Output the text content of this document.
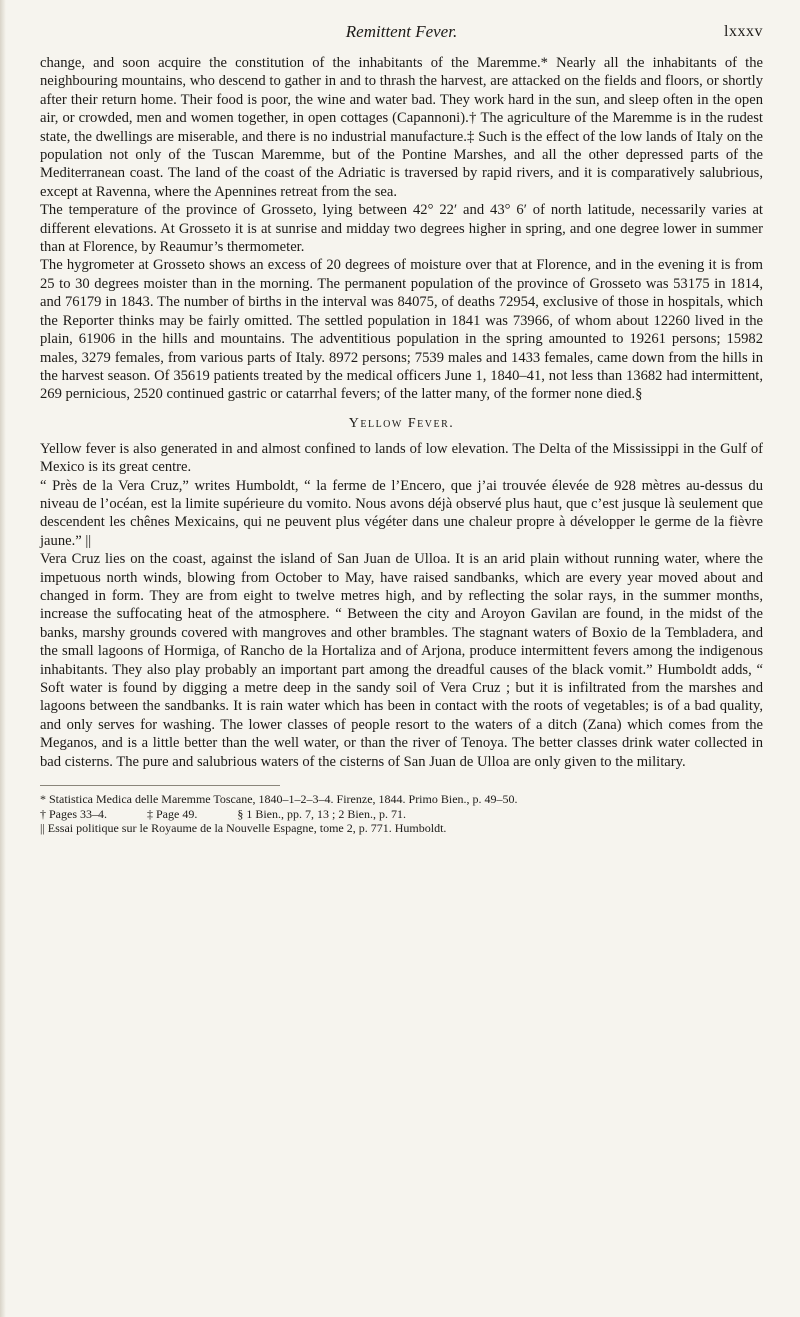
Remittent Fever.	lxxxv

change, and soon acquire the constitution of the inhabitants of the Maremme.* Nearly all the inhabitants of the neighbouring mountains, who descend to gather in and to thrash the harvest, are attacked on the fields and floors, or shortly after their return home. Their food is poor, the wine and water bad. They work hard in the sun, and sleep often in the open air, or crowded, men and women together, in open cottages (Capannoni).† The agriculture of the Maremme is in the rudest state, the dwellings are miserable, and there is no industrial manufacture.‡ Such is the effect of the low lands of Italy on the population not only of the Tuscan Maremme, but of the Pontine Marshes, and all the other depressed parts of the Mediterranean coast. The land of the coast of the Adriatic is traversed by rapid rivers, and it is comparatively salubrious, except at Ravenna, where the Apennines retreat from the sea.

The temperature of the province of Grosseto, lying between 42° 22′ and 43° 6′ of north latitude, necessarily varies at different elevations. At Grosseto it is at sunrise and midday two degrees higher in spring, and one degree lower in summer than at Florence, by Reaumur’s thermometer.

The hygrometer at Grosseto shows an excess of 20 degrees of moisture over that at Florence, and in the evening it is from 25 to 30 degrees moister than in the morning. The permanent population of the province of Grosseto was 53175 in 1814, and 76179 in 1843. The number of births in the interval was 84075, of deaths 72954, exclusive of those in hospitals, which the Reporter thinks may be fairly omitted. The settled population in 1841 was 73966, of whom about 12260 lived in the plain, 61906 in the hills and mountains. The adventitious population in the spring amounted to 19261 persons; 15982 males, 3279 females, from various parts of Italy. 8972 persons; 7539 males and 1433 females, came down from the hills in the harvest season. Of 35619 patients treated by the medical officers June 1, 1840–41, not less than 13682 had intermittent, 269 pernicious, 2520 continued gastric or catarrhal fevers; of the latter many, of the former none died.§

Yellow Fever.

Yellow fever is also generated in and almost confined to lands of low elevation. The Delta of the Mississippi in the Gulf of Mexico is its great centre.

“ Près de la Vera Cruz,” writes Humboldt, “ la ferme de l’Encero, que j’ai trouvée élevée de 928 mètres au-dessus du niveau de l’océan, est la limite supérieure du vomito. Nous avons déjà observé plus haut, que c’est jusque là seulement que descendent les chênes Mexicains, qui ne peuvent plus végéter dans une chaleur propre à développer le germe de la fièvre jaune.” ||

Vera Cruz lies on the coast, against the island of San Juan de Ulloa. It is an arid plain without running water, where the impetuous north winds, blowing from October to May, have raised sandbanks, which are every year moved about and changed in form. They are from eight to twelve metres high, and by reflecting the solar rays, in the summer months, increase the suffocating heat of the atmosphere. “ Between the city and Aroyon Gavilan are found, in the midst of the banks, marshy grounds covered with mangroves and other brambles. The stagnant waters of Boxio de la Tembladera, and the small lagoons of Hormiga, of Rancho de la Hortaliza and of Arjona, produce intermittent fevers among the indigenous inhabitants. They also play probably an important part among the dreadful causes of the black vomit.” Humboldt adds, “ Soft water is found by digging a metre deep in the sandy soil of Vera Cruz ; but it is infiltrated from the marshes and lagoons between the sandbanks. It is rain water which has been in contact with the roots of vegetables; is of a bad quality, and only serves for washing. The lower classes of people resort to the waters of a ditch (Zana) which comes from the Meganos, and is a little better than the well water, or than the river of Tenoya. The better classes drink water collected in bad cisterns. The pure and salubrious waters of the cisterns of San Juan de Ulloa are only given to the military.

* Statistica Medica delle Maremme Toscane, 1840–1–2–3–4. Firenze, 1844. Primo Bien., p. 49–50.
† Pages 33–4.	‡ Page 49.	§ 1 Bien., pp. 7, 13 ; 2 Bien., p. 71.
|| Essai politique sur le Royaume de la Nouvelle Espagne, tome 2, p. 771. Humboldt.
